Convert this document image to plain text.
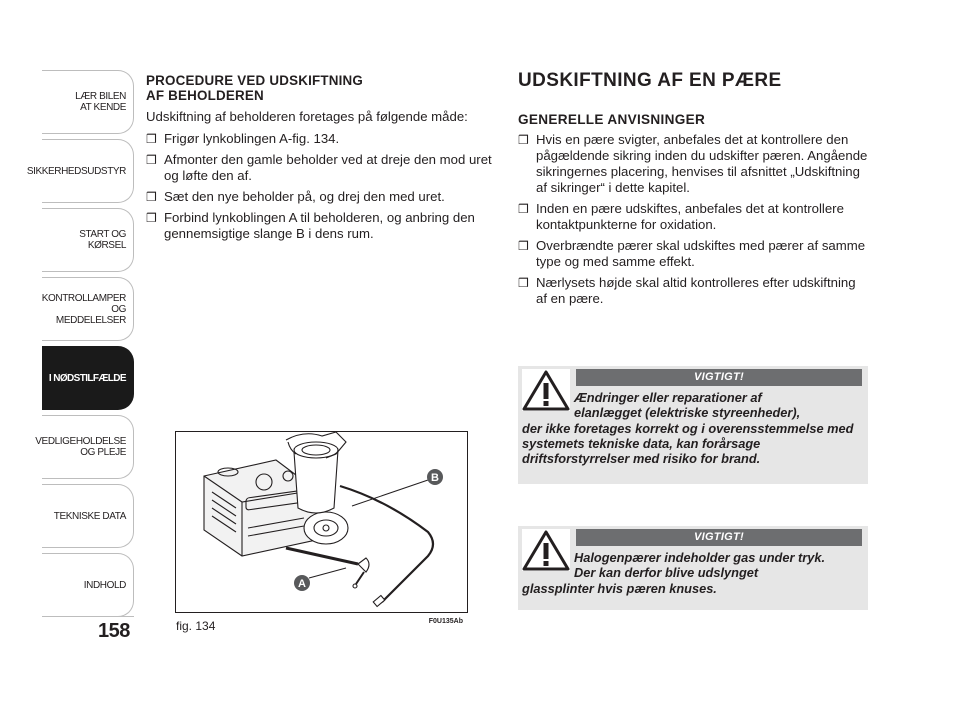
LÆR BILEN
AT KENDE
SIKKERHEDSUDSTYR
START OG KØRSEL
KONTROLLAMPER
OG MEDDELELSER
I NØDSTILFÆLDE
VEDLIGEHOLDELSE
OG PLEJE
TEKNISKE DATA
INDHOLD
158
PROCEDURE VED UDSKIFTNING
AF BEHOLDEREN

Udskiftning af beholderen foretages på følgende måde:

❒ Frigør lynkoblingen A-fig. 134.
❒ Afmonter den gamle beholder ved at dreje den mod uret og løfte den af.
❒ Sæt den nye beholder på, og drej den med uret.
❒ Forbind lynkoblingen A til beholderen, og anbring den gennemsigtige slange B i dens rum.
B
A
F0U135Ab
fig. 134
UDSKIFTNING AF EN PÆRE
GENERELLE ANVISNINGER
❒ Hvis en pære svigter, anbefales det at kontrollere den pågældende sikring inden du udskifter pæren. Angående sikringernes placering, henvises til afsnittet „Udskiftning af sikringer“ i dette kapitel.
❒ Inden en pære udskiftes, anbefales det at kontrollere kontaktpunkterne for oxidation.
❒ Overbrændte pærer skal udskiftes med pærer af samme type og med samme effekt.
❒ Nærlysets højde skal altid kontrolleres efter udskiftning af en pære.
VIGTIGT!
Ændringer eller reparationer af
elanlægget (elektriske styreenheder),
der ikke foretages korrekt og i overensstemmelse med systemets tekniske data, kan forårsage driftsforstyrrelser med risiko for brand.
VIGTIGT!
Halogenpærer indeholder gas under tryk.
Der kan derfor blive udslynget
glassplinter hvis pæren knuses.
